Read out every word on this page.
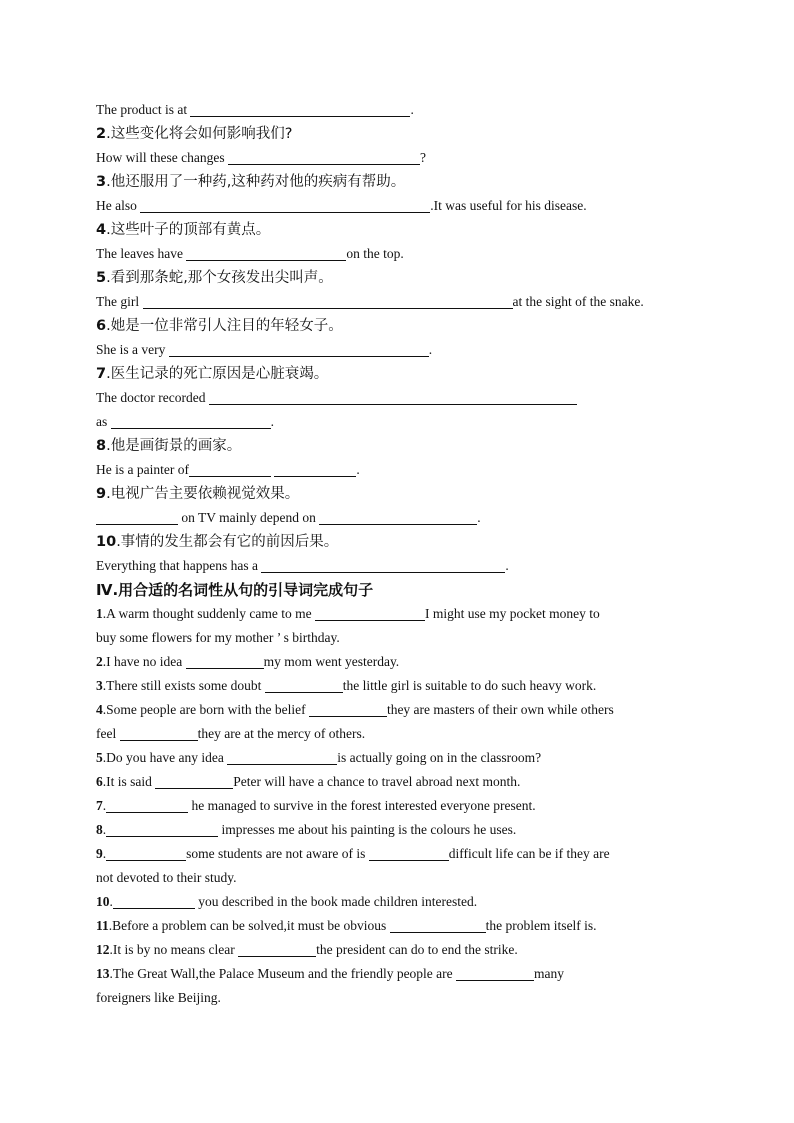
The product is at	.
2.这些变化将会如何影响我们?
How will these changes	?
3.他还服用了一种药,这种药对他的疾病有帮助。
He also	.It was useful for his disease.
4.这些叶子的顶部有黄点。
The leaves have	on the top.
5.看到那条蛇,那个女孩发出尖叫声。
The girl	at the sight of the snake.
6.她是一位非常引人注目的年轻女子。
She is a very	.
7.医生记录的死亡原因是心脏衰竭。
The doctor recorded
as	.
8.他是画街景的画家。
He is a painter of	.
9.电视广告主要依赖视觉效果。
on TV mainly depend on	.
10.事情的发生都会有它的前因后果。
Everything that happens has a	.
Ⅳ.用合适的名词性从句的引导词完成句子
1.A warm thought suddenly came to me	I might use my pocket money to
buy some flowers for my mother ’ s birthday.
2.I have no idea	my mom went yesterday.
3.There still exists some doubt	the little girl is suitable to do such heavy work.
4.Some people are born with the belief	they are masters of their own while others
feel	they are at the mercy of others.
5.Do you have any idea	is actually going on in the classroom?
6.It is said	Peter will have a chance to travel abroad next month.
7.	he managed to survive in the forest interested everyone present.
8.	impresses me about his painting is the colours he uses.
9.	some students are not aware of is	difficult life can be if they are
not devoted to their study.
10.	you described in the book made children interested.
11.Before a problem can be solved,it must be obvious	the problem itself is.
12.It is by no means clear	the president can do to end the strike.
13.The Great Wall,the Palace Museum and the friendly people are	many
foreigners like Beijing.
